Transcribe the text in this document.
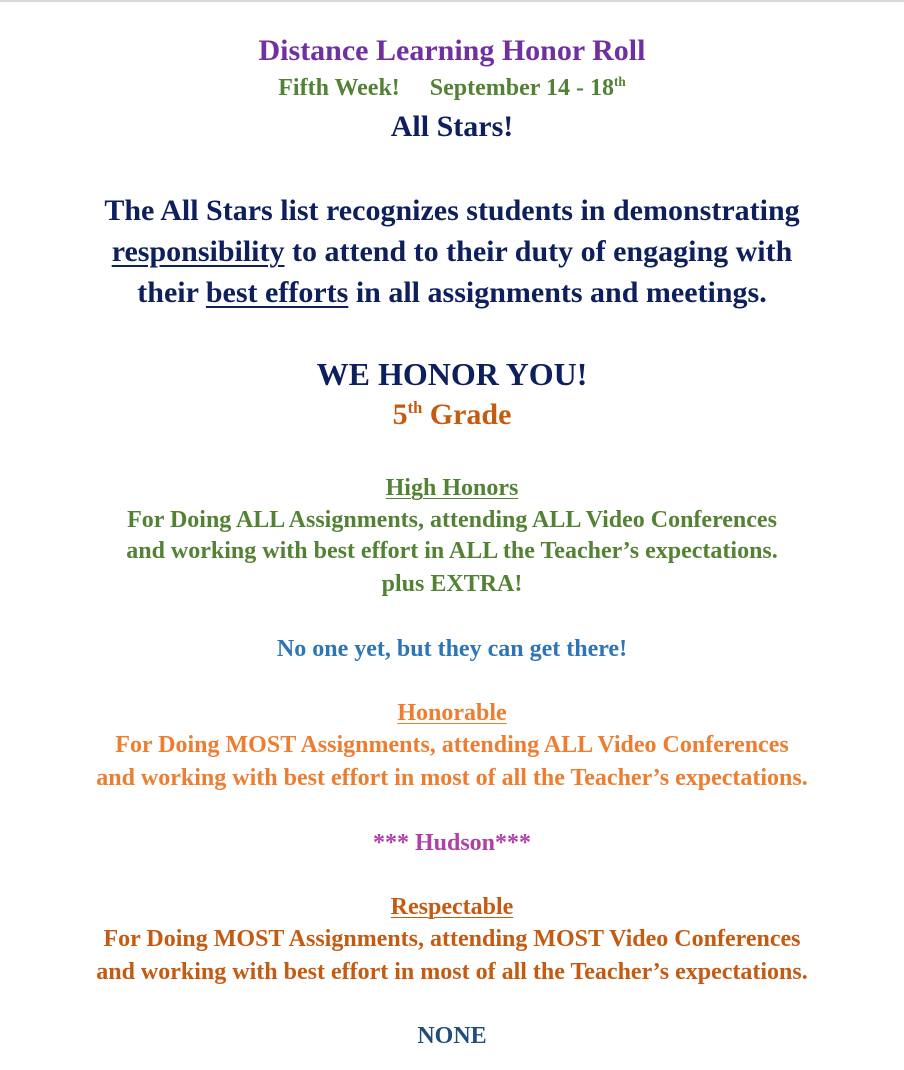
Distance Learning Honor Roll

Fifth Week! September 14 - 18th

All Stars!

The All Stars list recognizes students in demonstrating

responsibility to attend to their duty of engaging with

their best efforts in all assignments and meetings.

WE HONOR YOU!

5th Grade

High Honors

For Doing ALL Assignments, attending ALL Video Conferences

and working with best effort in ALL the Teacher’s expectations.

plus EXTRA!

No one yet, but they can get there!

Honorable

For Doing MOST Assignments, attending ALL Video Conferences

and working with best effort in most of all the Teacher’s expectations.

*** Hudson***

Respectable

For Doing MOST Assignments, attending MOST Video Conferences

and working with best effort in most of all the Teacher’s expectations.

NONE
